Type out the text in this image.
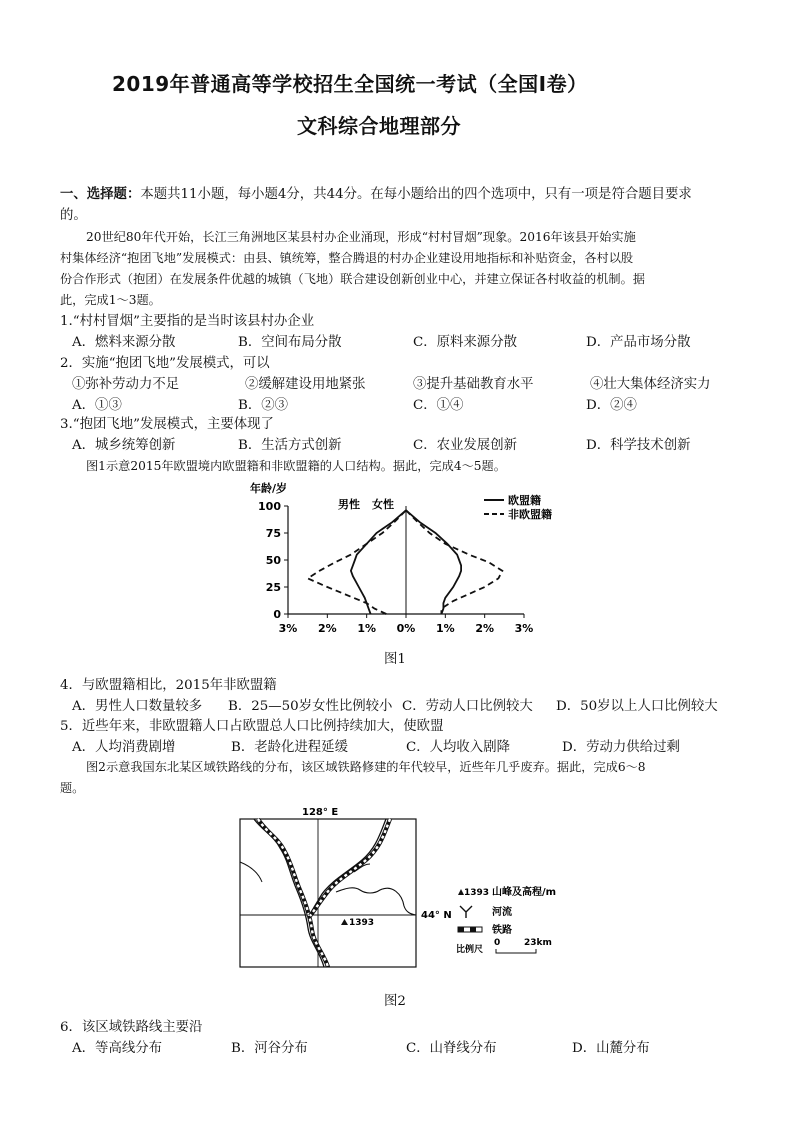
2019年普通高等学校招生全国统一考试（全国I卷）
文科综合地理部分
一、选择题：本题共11小题，每小题4分，共44分。在每小题给出的四个选项中，只有一项是符合题目要求
的。
20世纪80年代开始，长江三角洲地区某县村办企业涌现，形成“村村冒烟”现象。2016年该县开始实施
村集体经济“抱团飞地”发展模式：由县、镇统筹，整合腾退的村办企业建设用地指标和补贴资金，各村以股
份合作形式（抱团）在发展条件优越的城镇（飞地）联合建设创新创业中心，并建立保证各村收益的机制。据
此，完成1～3题。
1.“村村冒烟”主要指的是当时该县村办企业
A．燃料来源分散	B．空间布局分散	C．原料来源分散	D．产品市场分散
2．实施“抱团飞地”发展模式，可以
①弥补劳动力不足	②缓解建设用地紧张	③提升基础教育水平	④壮大集体经济实力
A．①③	B．②③	C．①④	D．②④
3.“抱团飞地”发展模式，主要体现了
A．城乡统筹创新	B．生活方式创新	C．农业发展创新	D．科学技术创新
图1示意2015年欧盟境内欧盟籍和非欧盟籍的人口结构。据此，完成4～5题。
年龄/岁
男性 女性	欧盟籍
非欧盟籍
100
75
50
25
0
3% 2% 1% 0% 1% 2% 3%
图1
4．与欧盟籍相比，2015年非欧盟籍
A．男性人口数量较多 B．25—50岁女性比例较小 C．劳动人口比例较大 D．50岁以上人口比例较大
5．近些年来，非欧盟籍人口占欧盟总人口比例持续加大，使欧盟
A．人均消费剧增	B．老龄化进程延缓	C．人均收入剧降	D．劳动力供给过剩
图2示意我国东北某区域铁路线的分布，该区域铁路修建的年代较早，近些年几乎废弃。据此，完成6～8
题。
128° E
1393
44° N
1393 山峰及高程/m
河流
铁路
比例尺
0	23km
图2
6．该区域铁路线主要沿
A．等高线分布	B．河谷分布	C．山脊线分布	D．山麓分布
